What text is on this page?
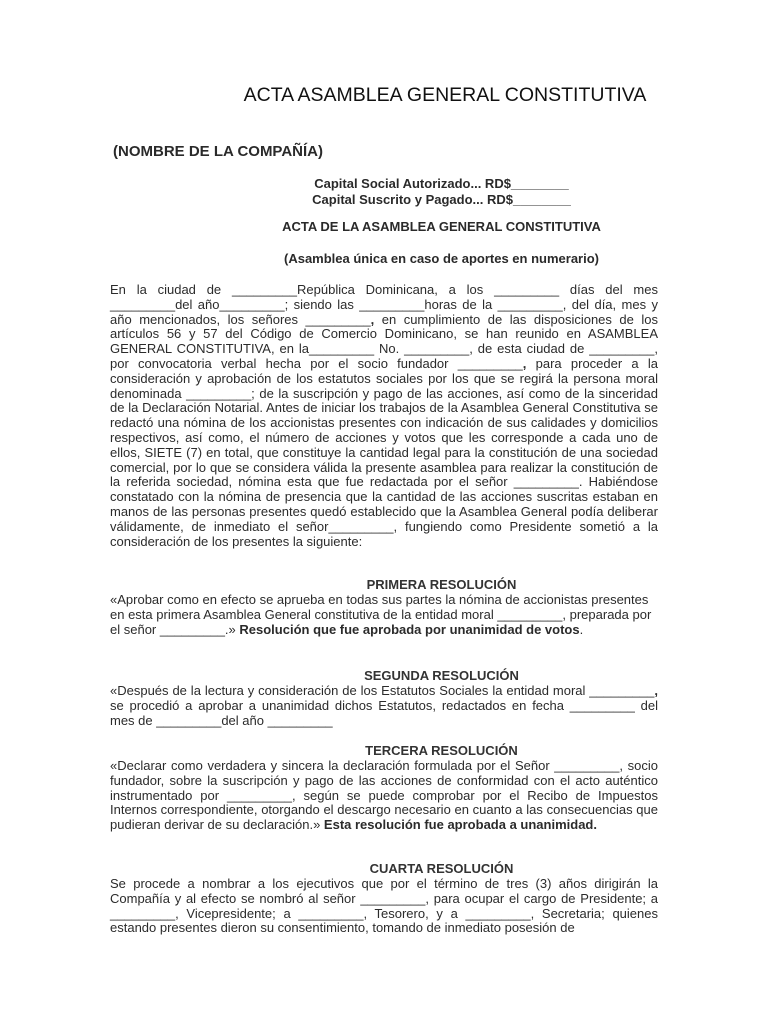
ACTA ASAMBLEA GENERAL CONSTITUTIVA
(NOMBRE DE LA COMPAÑÍA)
Capital Social Autorizado... RD$________
Capital Suscrito y Pagado... RD$________
ACTA DE LA ASAMBLEA GENERAL CONSTITUTIVA
(Asamblea única en caso de aportes en numerario)

En la ciudad de _________República Dominicana, a los _________ días del mes _________del año_________; siendo las _________horas de la _________, del día, mes y año mencionados, los señores _________, en cumplimiento de las disposiciones de los artículos 56 y 57 del Código de Comercio Dominicano, se han reunido en ASAMBLEA GENERAL CONSTITUTIVA, en la_________ No. _________, de esta ciudad de _________, por convocatoria verbal hecha por el socio fundador _________, para proceder a la consideración y aprobación de los estatutos sociales por los que se regirá la persona moral denominada _________; de la suscripción y pago de las acciones, así como de la sinceridad de la Declaración Notarial. Antes de iniciar los trabajos de la Asamblea General Constitutiva se redactó una nómina de los accionistas presentes con indicación de sus calidades y domicilios respectivos, así como, el número de acciones y votos que les corresponde a cada uno de ellos, SIETE (7) en total, que constituye la cantidad legal para la constitución de una sociedad comercial, por lo que se considera válida la presente asamblea para realizar la constitución de la referida sociedad, nómina esta que fue redactada por el señor _________. Habiéndose constatado con la nómina de presencia que la cantidad de las acciones suscritas estaban en manos de las personas presentes quedó establecido que la Asamblea General podía deliberar válidamente, de inmediato el señor_________, fungiendo como Presidente sometió a la consideración de los presentes la siguiente:

PRIMERA RESOLUCIÓN

«Aprobar como en efecto se aprueba en todas sus partes la nómina de accionistas presentes en esta primera Asamblea General constitutiva de la entidad moral _________, preparada por el señor _________.» Resolución que fue aprobada por unanimidad de votos.

SEGUNDA RESOLUCIÓN

«Después de la lectura y consideración de los Estatutos Sociales la entidad moral _________, se procedió a aprobar a unanimidad dichos Estatutos, redactados en fecha _________ del mes de _________del año _________

TERCERA RESOLUCIÓN

«Declarar como verdadera y sincera la declaración formulada por el Señor _________, socio fundador, sobre la suscripción y pago de las acciones de conformidad con el acto auténtico instrumentado por _________, según se puede comprobar por el Recibo de Impuestos Internos correspondiente, otorgando el descargo necesario en cuanto a las consecuencias que pudieran derivar de su declaración.» Esta resolución fue aprobada a unanimidad.

CUARTA RESOLUCIÓN

Se procede a nombrar a los ejecutivos que por el término de tres (3) años dirigirán la Compañía y al efecto se nombró al señor _________, para ocupar el cargo de Presidente; a _________, Vicepresidente; a _________, Tesorero, y a _________, Secretaria; quienes estando presentes dieron su consentimiento, tomando de inmediato posesión de
